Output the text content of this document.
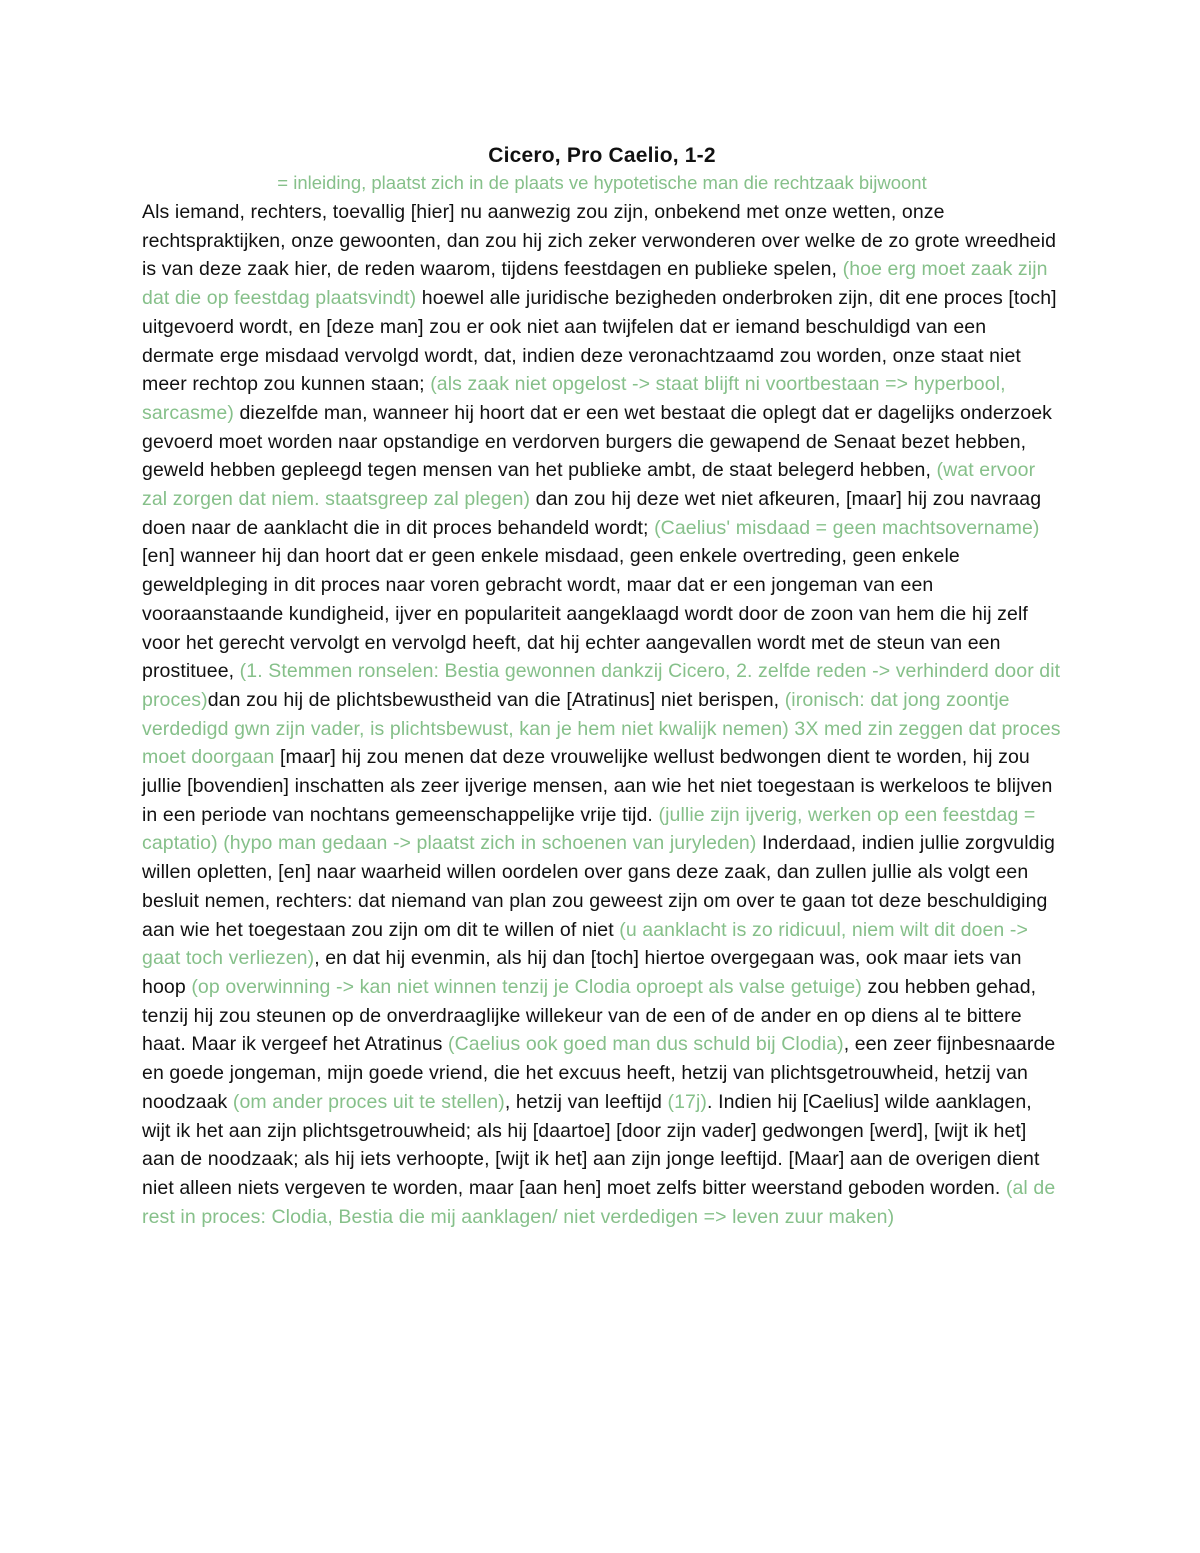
Cicero, Pro Caelio, 1-2

= inleiding, plaatst zich in de plaats ve hypotetische man die rechtzaak bijwoont

Als iemand, rechters, toevallig [hier] nu aanwezig zou zijn, onbekend met onze wetten, onze rechtspraktijken, onze gewoonten, dan zou hij zich zeker verwonderen over welke de zo grote wreedheid is van deze zaak hier, de reden waarom, tijdens feestdagen en publieke spelen, (hoe erg moet zaak zijn dat die op feestdag plaatsvindt) hoewel alle juridische bezigheden onderbroken zijn, dit ene proces [toch] uitgevoerd wordt, en [deze man] zou er ook niet aan twijfelen dat er iemand beschuldigd van een dermate erge misdaad vervolgd wordt, dat, indien deze veronachtzaamd zou worden, onze staat niet meer rechtop zou kunnen staan; (als zaak niet opgelost -> staat blijft ni voortbestaan => hyperbool, sarcasme) diezelfde man, wanneer hij hoort dat er een wet bestaat die oplegt dat er dagelijks onderzoek gevoerd moet worden naar opstandige en verdorven burgers die gewapend de Senaat bezet hebben, geweld hebben gepleegd tegen mensen van het publieke ambt, de staat belegerd hebben, (wat ervoor zal zorgen dat niem. staatsgreep zal plegen) dan zou hij deze wet niet afkeuren, [maar] hij zou navraag doen naar de aanklacht die in dit proces behandeld wordt; (Caelius' misdaad = geen machtsovername) [en] wanneer hij dan hoort dat er geen enkele misdaad, geen enkele overtreding, geen enkele geweldpleging in dit proces naar voren gebracht wordt, maar dat er een jongeman van een vooraanstaande kundigheid, ijver en populariteit aangeklaagd wordt door de zoon van hem die hij zelf voor het gerecht vervolgt en vervolgd heeft, dat hij echter aangevallen wordt met de steun van een prostituee, (1. Stemmen ronselen: Bestia gewonnen dankzij Cicero, 2. zelfde reden -> verhinderd door dit proces)dan zou hij de plichtsbewustheid van die [Atratinus] niet berispen, (ironisch: dat jong zoontje verdedigd gwn zijn vader, is plichtsbewust, kan je hem niet kwalijk nemen) 3X med zin zeggen dat proces moet doorgaan [maar] hij zou menen dat deze vrouwelijke wellust bedwongen dient te worden, hij zou jullie [bovendien] inschatten als zeer ijverige mensen, aan wie het niet toegestaan is werkeloos te blijven in een periode van nochtans gemeenschappelijke vrije tijd. (jullie zijn ijverig, werken op een feestdag = captatio) (hypo man gedaan -> plaatst zich in schoenen van juryleden) Inderdaad, indien jullie zorgvuldig willen opletten, [en] naar waarheid willen oordelen over gans deze zaak, dan zullen jullie als volgt een besluit nemen, rechters: dat niemand van plan zou geweest zijn om over te gaan tot deze beschuldiging aan wie het toegestaan zou zijn om dit te willen of niet (u aanklacht is zo ridicuul, niem wilt dit doen -> gaat toch verliezen), en dat hij evenmin, als hij dan [toch] hiertoe overgegaan was, ook maar iets van hoop (op overwinning -> kan niet winnen tenzij je Clodia oproept als valse getuige) zou hebben gehad, tenzij hij zou steunen op de onverdraaglijke willekeur van de een of de ander en op diens al te bittere haat. Maar ik vergeef het Atratinus (Caelius ook goed man dus schuld bij Clodia), een zeer fijnbesnaarde en goede jongeman, mijn goede vriend, die het excuus heeft, hetzij van plichtsgetrouwheid, hetzij van noodzaak (om ander proces uit te stellen), hetzij van leeftijd (17j). Indien hij [Caelius] wilde aanklagen, wijt ik het aan zijn plichtsgetrouwheid; als hij [daartoe] [door zijn vader] gedwongen [werd], [wijt ik het] aan de noodzaak; als hij iets verhoopte, [wijt ik het] aan zijn jonge leeftijd. [Maar] aan de overigen dient niet alleen niets vergeven te worden, maar [aan hen] moet zelfs bitter weerstand geboden worden. (al de rest in proces: Clodia, Bestia die mij aanklagen/ niet verdedigen => leven zuur maken)
